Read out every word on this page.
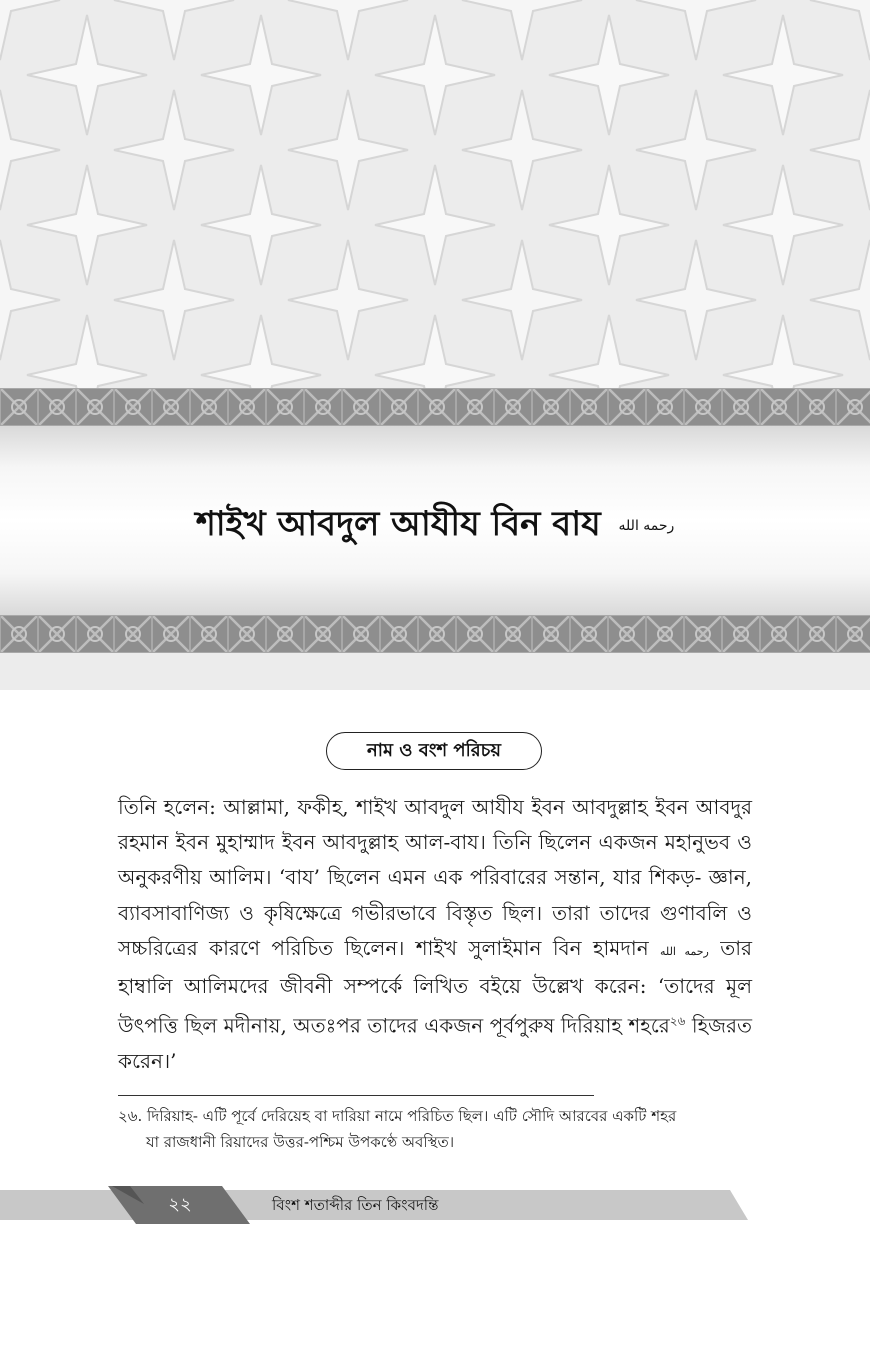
শাইখ আবদুল আযীয বিন বায رحمه الله
নাম ও বংশ পরিচয়
তিনি হলেন: আল্লামা, ফকীহ, শাইখ আবদুল আযীয ইবন আবদুল্লাহ ইবন আবদুর রহমান ইবন মুহাম্মাদ ইবন আবদুল্লাহ আল-বায। তিনি ছিলেন একজন মহানুভব ও অনুকরণীয় আলিম। ‘বায’ ছিলেন এমন এক পরিবারের সন্তান, যার শিকড়- জ্ঞান, ব্যাবসাবাণিজ্য ও কৃষিক্ষেত্রে গভীরভাবে বিস্তৃত ছিল। তারা তাদের গুণাবলি ও সচ্চরিত্রের কারণে পরিচিত ছিলেন। শাইখ সুলাইমান বিন হামদান رحمه الله তার হাম্বালি আলিমদের জীবনী সম্পর্কে লিখিত বইয়ে উল্লেখ করেন: ‘তাদের মূল উৎপত্তি ছিল মদীনায়, অতঃপর তাদের একজন পূর্বপুরুষ দিরিয়াহ শহরে$^{২৬}$ হিজরত করেন।’
২৬. দিরিয়াহ- এটি পূর্বে দেরিয়েহ বা দারিয়া নামে পরিচিত ছিল। এটি সৌদি আরবের একটি শহর
যা রাজধানী রিয়াদের উত্তর-পশ্চিম উপকণ্ঠে অবস্থিত।
২২	বিংশ শতাব্দীর তিন কিংবদন্তি
